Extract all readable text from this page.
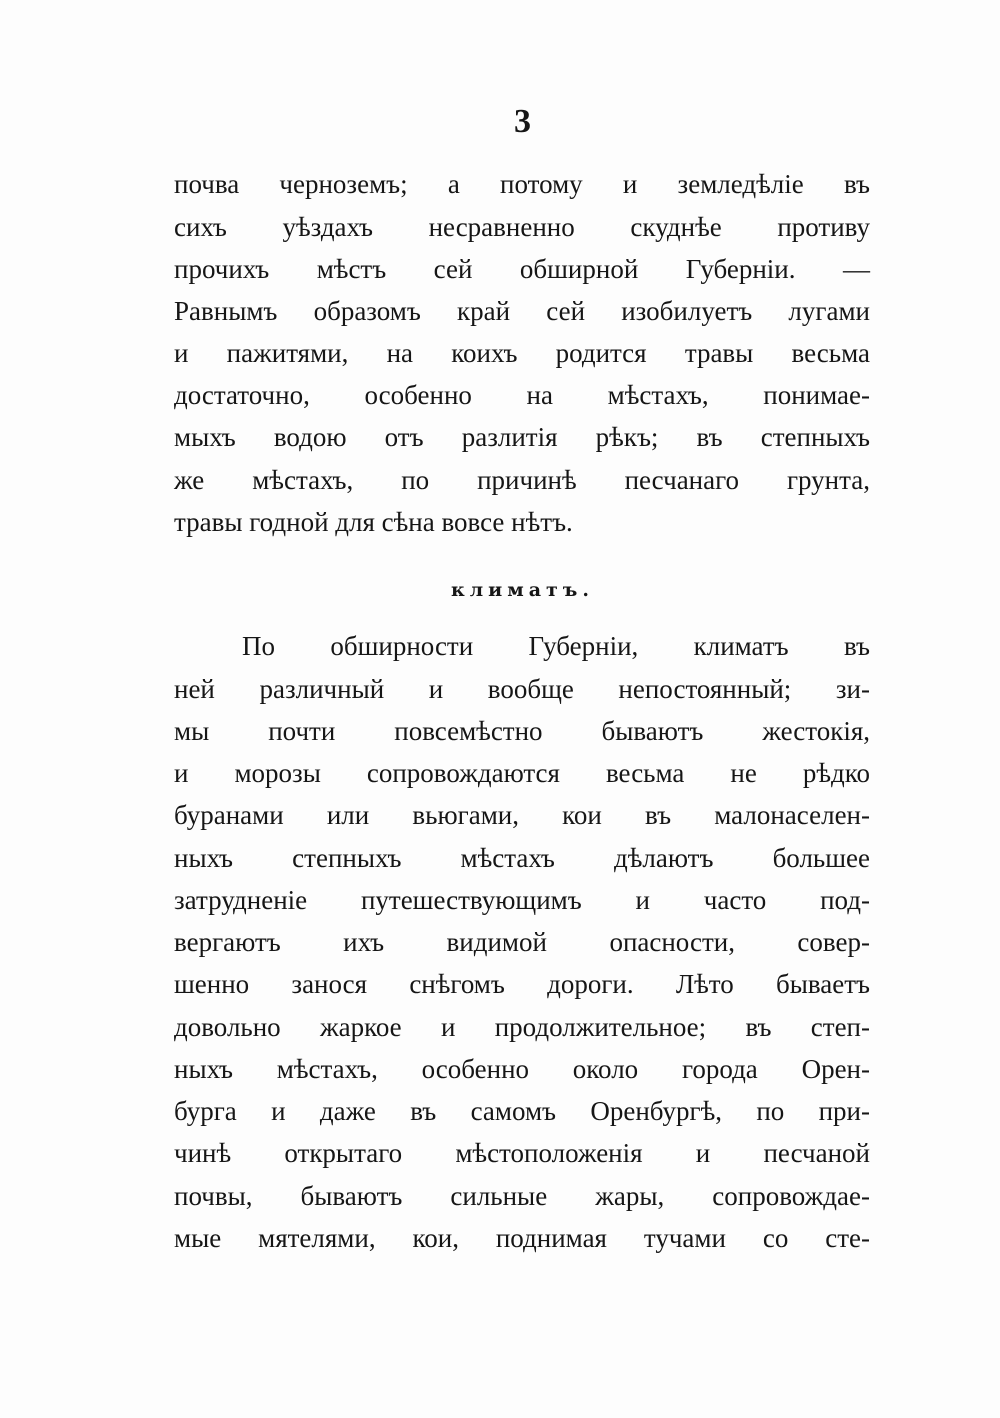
3
почва черноземъ; а потому и земледѣліе въ
сихъ уѣздахъ несравненно скуднѣе противу
прочихъ мѣстъ сей обширной Губерніи. —
Равнымъ образомъ край сей изобилуетъ лугами
и пажитями, на коихъ родится травы весьма
достаточно, особенно на мѣстахъ, понимае-
мыхъ водою отъ разлитія рѣкъ; въ степныхъ
же мѣстахъ, по причинѣ песчанаго грунта,
травы годной для сѣна вовсе нѣтъ.
климатъ.
По обширности Губерніи, климатъ въ
ней различный и вообще непостоянный; зи-
мы почти повсемѣстно бываютъ жестокія,
и морозы сопровождаются весьма не рѣдко
буранами или вьюгами, кои въ малонаселен-
ныхъ степныхъ мѣстахъ дѣлаютъ большее
затрудненіе путешествующимъ и часто под-
вергаютъ ихъ видимой опасности, совер-
шенно занося снѣгомъ дороги. Лѣто бываетъ
довольно жаркое и продолжительное; въ степ-
ныхъ мѣстахъ, особенно около города Орен-
бурга и даже въ самомъ Оренбургѣ, по при-
чинѣ открытаго мѣстоположенія и песчаной
почвы, бываютъ сильные жары, сопровождае-
мые мятелями, кои, поднимая тучами со сте-
